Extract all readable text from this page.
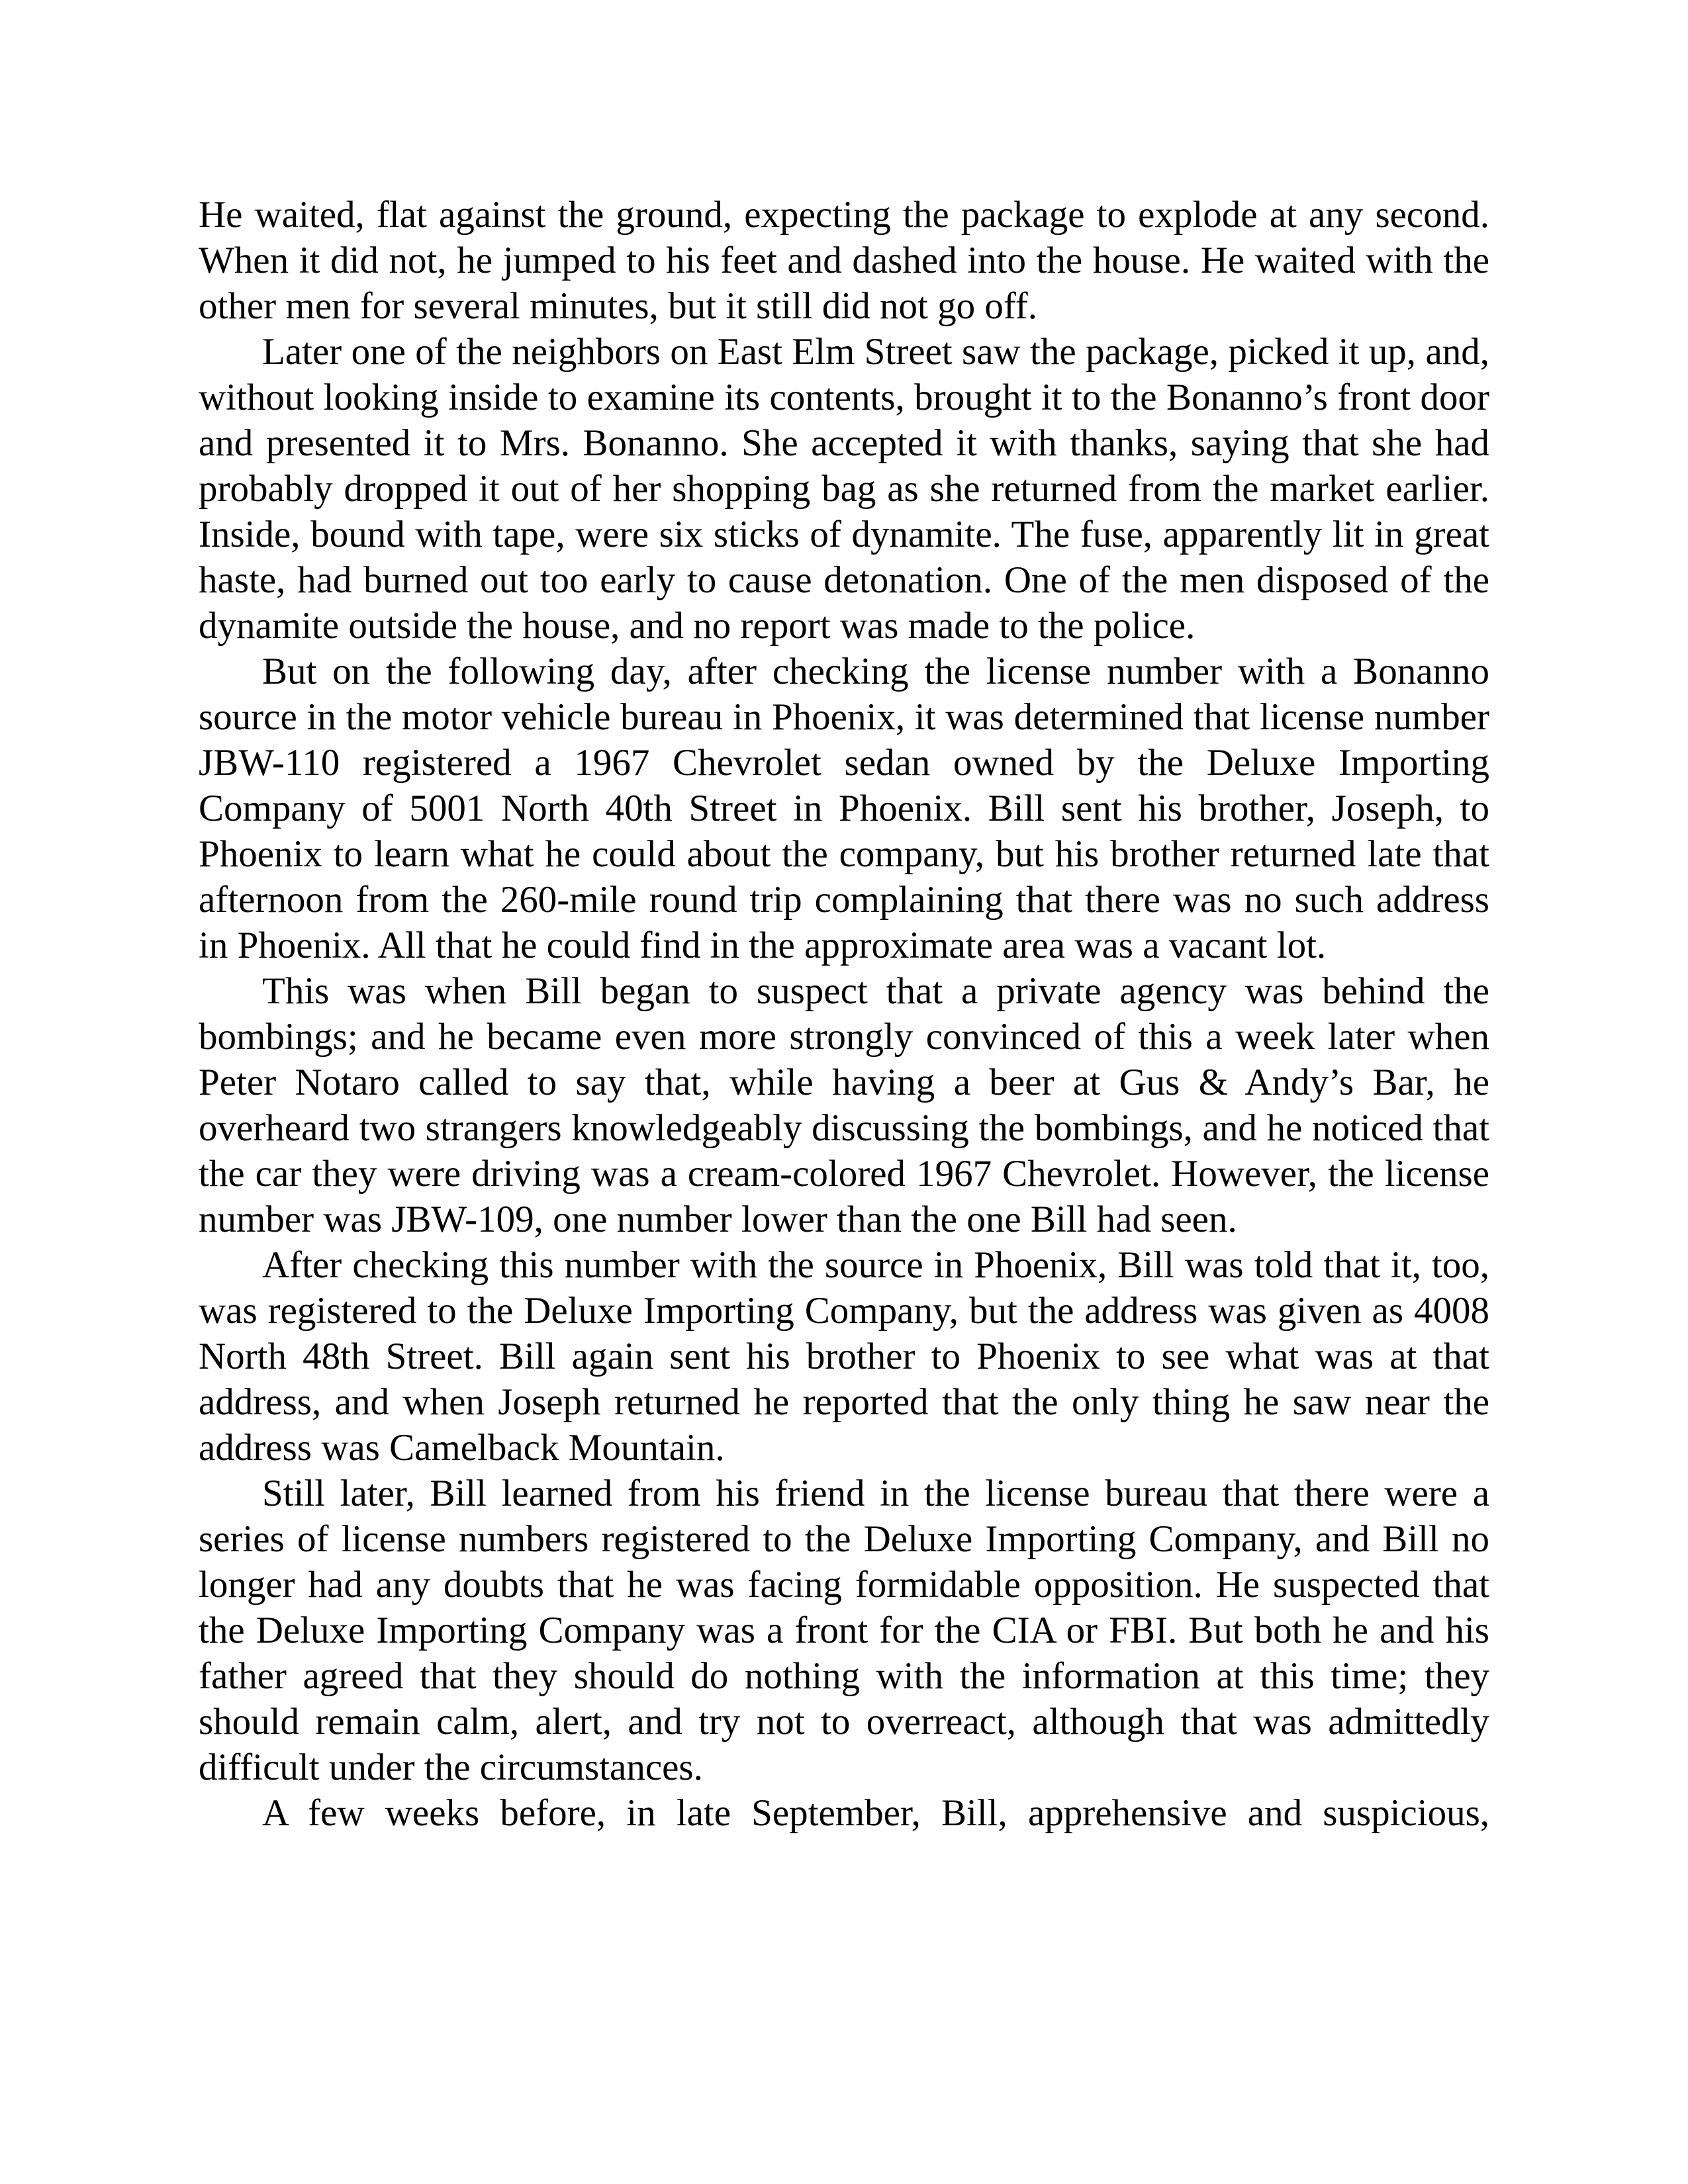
He waited, flat against the ground, expecting the package to explode at any second. When it did not, he jumped to his feet and dashed into the house. He waited with the other men for several minutes, but it still did not go off.

Later one of the neighbors on East Elm Street saw the package, picked it up, and, without looking inside to examine its contents, brought it to the Bonanno’s front door and presented it to Mrs. Bonanno. She accepted it with thanks, saying that she had probably dropped it out of her shopping bag as she returned from the market earlier. Inside, bound with tape, were six sticks of dynamite. The fuse, apparently lit in great haste, had burned out too early to cause detonation. One of the men disposed of the dynamite outside the house, and no report was made to the police.

But on the following day, after checking the license number with a Bonanno source in the motor vehicle bureau in Phoenix, it was determined that license number JBW-110 registered a 1967 Chevrolet sedan owned by the Deluxe Importing Company of 5001 North 40th Street in Phoenix. Bill sent his brother, Joseph, to Phoenix to learn what he could about the company, but his brother returned late that afternoon from the 260-mile round trip complaining that there was no such address in Phoenix. All that he could find in the approximate area was a vacant lot.

This was when Bill began to suspect that a private agency was behind the bombings; and he became even more strongly convinced of this a week later when Peter Notaro called to say that, while having a beer at Gus & Andy’s Bar, he overheard two strangers knowledgeably discussing the bombings, and he noticed that the car they were driving was a cream-colored 1967 Chevrolet. However, the license number was JBW-109, one number lower than the one Bill had seen.

After checking this number with the source in Phoenix, Bill was told that it, too, was registered to the Deluxe Importing Company, but the address was given as 4008 North 48th Street. Bill again sent his brother to Phoenix to see what was at that address, and when Joseph returned he reported that the only thing he saw near the address was Camelback Mountain.

Still later, Bill learned from his friend in the license bureau that there were a series of license numbers registered to the Deluxe Importing Company, and Bill no longer had any doubts that he was facing formidable opposition. He suspected that the Deluxe Importing Company was a front for the CIA or FBI. But both he and his father agreed that they should do nothing with the information at this time; they should remain calm, alert, and try not to overreact, although that was admittedly difficult under the circumstances.

A few weeks before, in late September, Bill, apprehensive and suspicious,
